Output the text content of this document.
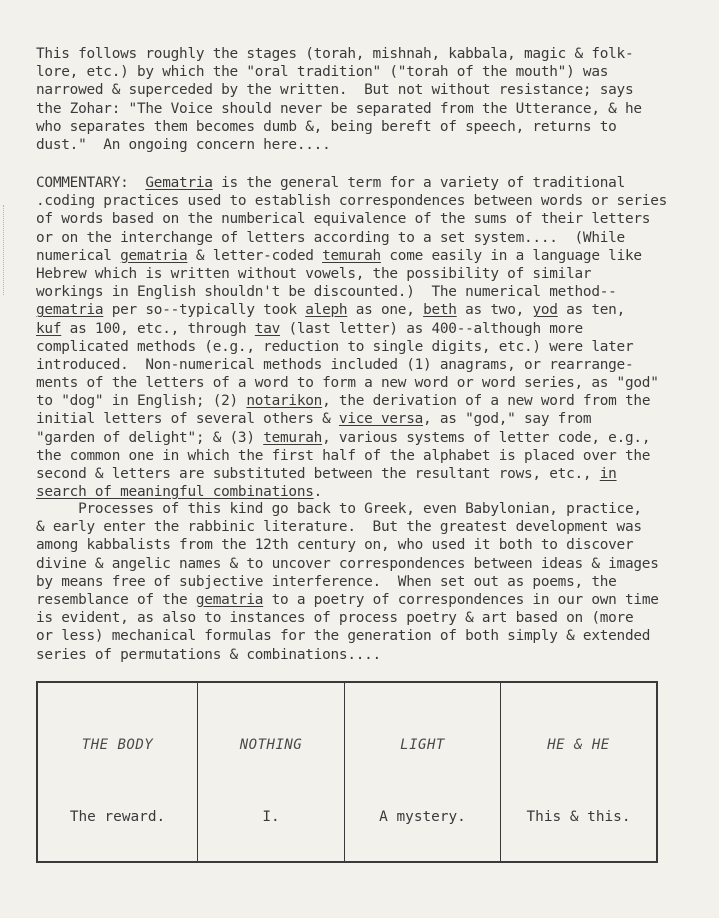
This follows roughly the stages (torah, mishnah, kabbala, magic & folk-
lore, etc.) by which the "oral tradition" ("torah of the mouth") was
narrowed & superceded by the written.  But not without resistance; says
the Zohar: "The Voice should never be separated from the Utterance, & he
who separates them becomes dumb &, being bereft of speech, returns to
dust."  An ongoing concern here....
COMMENTARY:  Gematria is the general term for a variety of traditional
.coding practices used to establish correspondences between words or series
of words based on the numberical equivalence of the sums of their letters
or on the interchange of letters according to a set system....  (While
numerical gematria & letter-coded temurah come easily in a language like
Hebrew which is written without vowels, the possibility of similar
workings in English shouldn't be discounted.)  The numerical method--
gematria per so--typically took aleph as one, beth as two, yod as ten,
kuf as 100, etc., through tav (last letter) as 400--although more
complicated methods (e.g., reduction to single digits, etc.) were later
introduced.  Non-numerical methods included (1) anagrams, or rearrange-
ments of the letters of a word to form a new word or word series, as "god"
to "dog" in English; (2) notarikon, the derivation of a new word from the
initial letters of several others & vice versa, as "god," say from
"garden of delight"; & (3) temurah, various systems of letter code, e.g.,
the common one in which the first half of the alphabet is placed over the
second & letters are substituted between the resultant rows, etc., in
search of meaningful combinations.
Processes of this kind go back to Greek, even Babylonian, practice,
& early enter the rabbinic literature.  But the greatest development was
among kabbalists from the 12th century on, who used it both to discover
divine & angelic names & to uncover correspondences between ideas & images
by means free of subjective interference.  When set out as poems, the
resemblance of the gematria to a poetry of correspondences in our own time
is evident, as also to instances of process poetry & art based on (more
or less) mechanical formulas for the generation of both simply & extended
series of permutations & combinations....
THE BODY
The reward.
NOTHING
I.
LIGHT
A mystery.
HE & HE
This & this.
